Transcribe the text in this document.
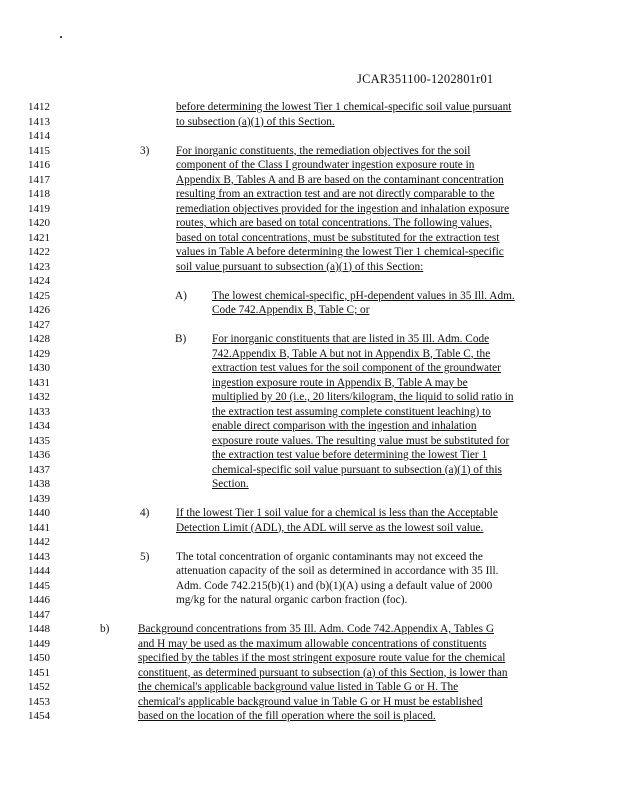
JCAR351100-1202801r01
1412	before determining the lowest Tier 1 chemical-specific soil value pursuant
1413	to subsection (a)(1) of this Section.
1414
1415	3) For inorganic constituents, the remediation objectives for the soil
1416	component of the Class I groundwater ingestion exposure route in
1417	Appendix B, Tables A and B are based on the contaminant concentration
1418	resulting from an extraction test and are not directly comparable to the
1419	remediation objectives provided for the ingestion and inhalation exposure
1420	routes, which are based on total concentrations. The following values,
1421	based on total concentrations, must be substituted for the extraction test
1422	values in Table A before determining the lowest Tier 1 chemical-specific
1423	soil value pursuant to subsection (a)(1) of this Section:
1424
1425	A) The lowest chemical-specific, pH-dependent values in 35 Ill. Adm.
1426	Code 742.Appendix B, Table C; or
1427
1428	B) For inorganic constituents that are listed in 35 Ill. Adm. Code
1429	742.Appendix B, Table A but not in Appendix B, Table C, the
1430	extraction test values for the soil component of the groundwater
1431	ingestion exposure route in Appendix B, Table A may be
1432	multiplied by 20 (i.e., 20 liters/kilogram, the liquid to solid ratio in
1433	the extraction test assuming complete constituent leaching) to
1434	enable direct comparison with the ingestion and inhalation
1435	exposure route values. The resulting value must be substituted for
1436	the extraction test value before determining the lowest Tier 1
1437	chemical-specific soil value pursuant to subsection (a)(1) of this
1438	Section.
1439
1440	4) If the lowest Tier 1 soil value for a chemical is less than the Acceptable
1441	Detection Limit (ADL), the ADL will serve as the lowest soil value.
1442
1443	5) The total concentration of organic contaminants may not exceed the
1444	attenuation capacity of the soil as determined in accordance with 35 Ill.
1445	Adm. Code 742.215(b)(1) and (b)(1)(A) using a default value of 2000
1446	mg/kg for the natural organic carbon fraction (foc).
1447
1448	b)	Background concentrations from 35 Ill. Adm. Code 742.Appendix A, Tables G
1449	and H may be used as the maximum allowable concentrations of constituents
1450	specified by the tables if the most stringent exposure route value for the chemical
1451	constituent, as determined pursuant to subsection (a) of this Section, is lower than
1452	the chemical's applicable background value listed in Table G or H. The
1453	chemical's applicable background value in Table G or H must be established
1454	based on the location of the fill operation where the soil is placed.
